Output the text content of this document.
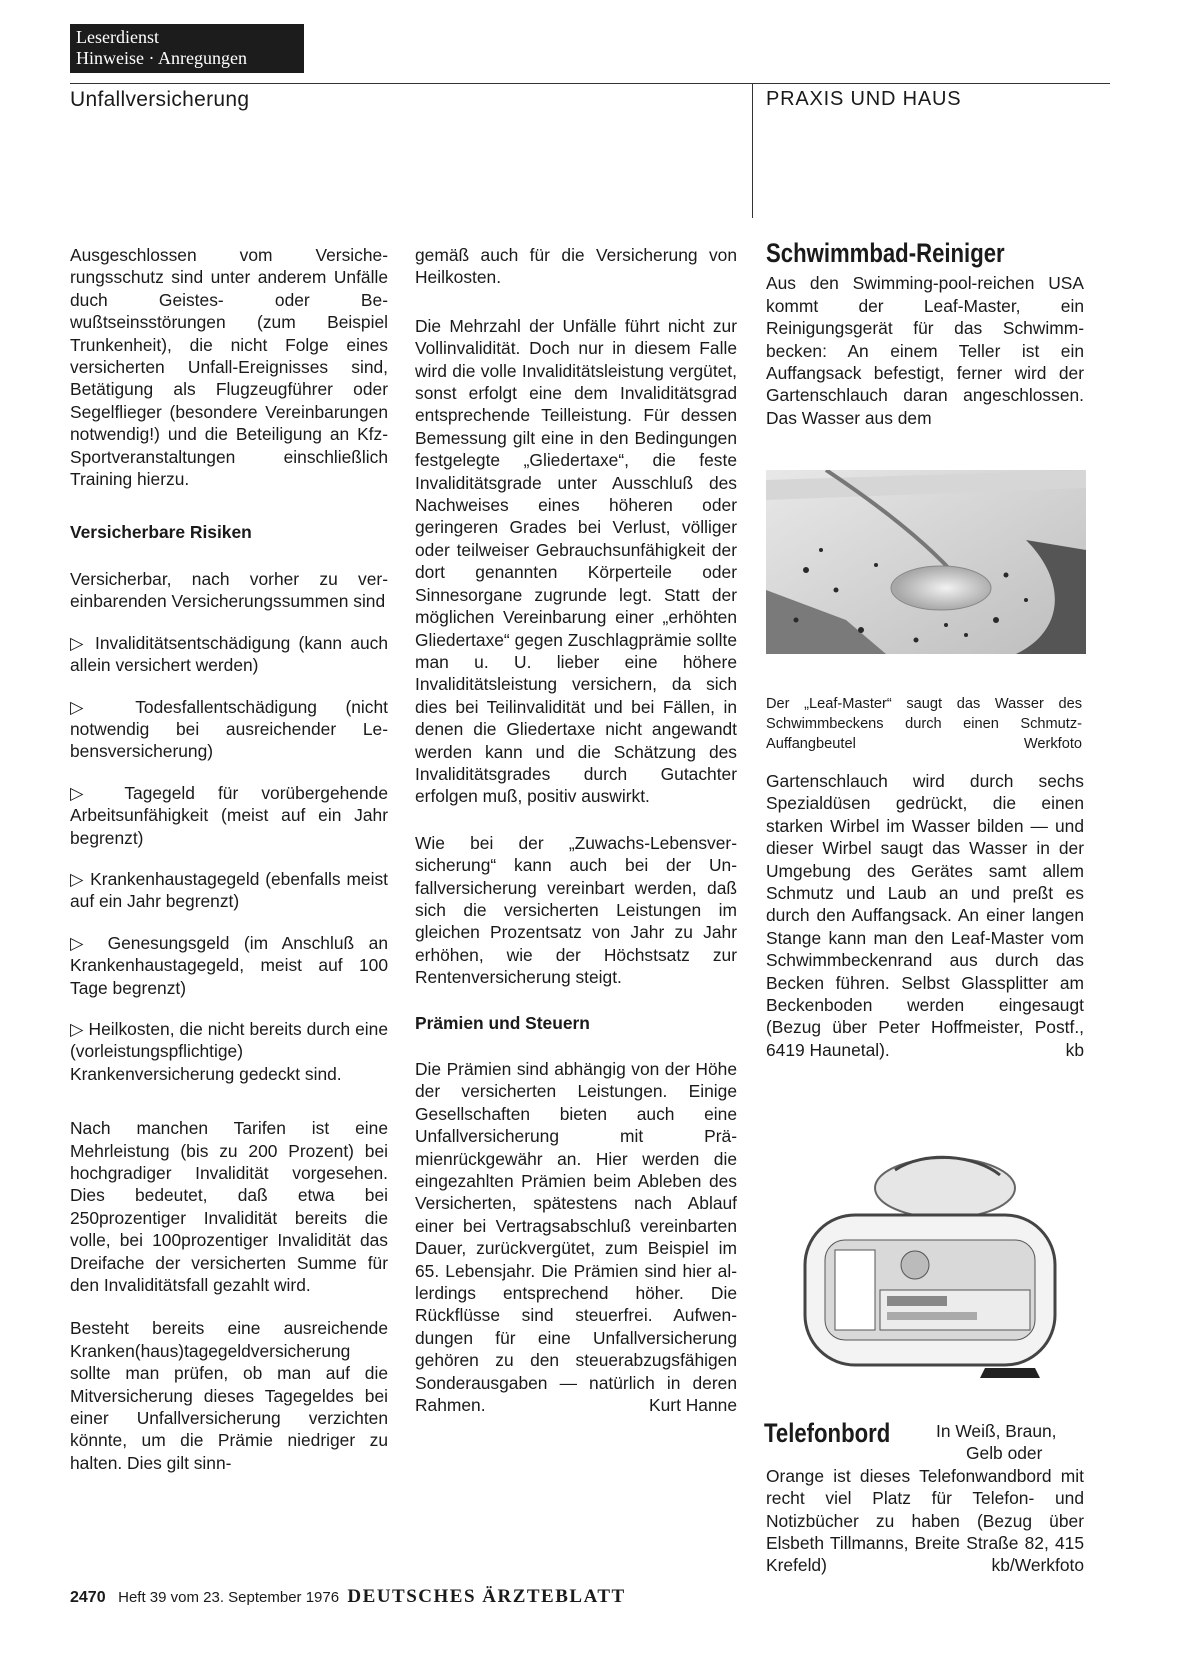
Leserdienst
Hinweise · Anregungen
Unfallversicherung	PRAXIS UND HAUS

Ausgeschlossen vom Versicherungsschutz sind unter anderem Unfälle duch Geistes- oder Bewußtseinsstörungen (zum Beispiel Trunkenheit), die nicht Folge eines versicherten Unfall-Ereignisses sind, Betätigung als Flugzeugführer oder Segelflieger (besondere Vereinbarungen notwendig!) und die Beteiligung an Kfz-Sportveranstaltungen einschließlich Training hierzu.

Versicherbare Risiken

Versicherbar, nach vorher zu vereinbarenden Versicherungssummen sind

▷ Invaliditätsentschädigung (kann auch allein versichert werden)

▷ Todesfallentschädigung (nicht notwendig bei ausreichender Lebensversicherung)

▷ Tagegeld für vorübergehende Arbeitsunfähigkeit (meist auf ein Jahr begrenzt)

▷ Krankenhaustagegeld (ebenfalls meist auf ein Jahr begrenzt)

▷ Genesungsgeld (im Anschluß an Krankenhaustagegeld, meist auf 100 Tage begrenzt)

▷ Heilkosten, die nicht bereits durch eine (vorleistungspflichtige) Krankenversicherung gedeckt sind.

Nach manchen Tarifen ist eine Mehrleistung (bis zu 200 Prozent) bei hochgradiger Invalidität vorgesehen. Dies bedeutet, daß etwa bei 250prozentiger Invalidität bereits die volle, bei 100prozentiger Invalidität das Dreifache der versicherten Summe für den Invaliditätsfall gezahlt wird.

Besteht bereits eine ausreichende Kranken(haus)tagegeldversicherung sollte man prüfen, ob man auf die Mitversicherung dieses Tagegeldes bei einer Unfallversicherung verzichten könnte, um die Prämie niedriger zu halten. Dies gilt sinn-

gemäß auch für die Versicherung von Heilkosten.

Die Mehrzahl der Unfälle führt nicht zur Vollinvalidität. Doch nur in diesem Falle wird die volle Invaliditätsleistung vergütet, sonst erfolgt eine dem Invaliditätsgrad entsprechende Teilleistung. Für dessen Bemessung gilt eine in den Bedingungen festgelegte „Gliedertаxe“, die feste Invaliditätsgrade unter Ausschluß des Nachweises eines höheren oder geringeren Grades bei Verlust, völliger oder teilweiser Gebrauchsunfähigkeit der dort genannten Körperteile oder Sinnesorgane zugrunde legt. Statt der möglichen Vereinbarung einer „erhöhten Gliedertaxe“ gegen Zuschlagprämie sollte man u. U. lieber eine höhere Invaliditätsleistung versichern, da sich dies bei Teilinvalidität und bei Fällen, in denen die Gliedertaxe nicht angewandt werden kann und die Schätzung des Invaliditätsgrades durch Gutachter erfolgen muß, positiv auswirkt.

Wie bei der „Zuwachs-Lebensversicherung“ kann auch bei der Unfallversicherung vereinbart werden, daß sich die versicherten Leistungen im gleichen Prozentsatz von Jahr zu Jahr erhöhen, wie der Höchstsatz zur Rentenversicherung steigt.

Prämien und Steuern

Die Prämien sind abhängig von der Höhe der versicherten Leistungen. Einige Gesellschaften bieten auch eine Unfallversicherung mit Prämienrückgewähr an. Hier werden die eingezahlten Prämien beim Ableben des Versicherten, spätestens nach Ablauf einer bei Vertragsabschluß vereinbarten Dauer, zurückvergütet, zum Beispiel im 65. Lebensjahr. Die Prämien sind hier allerdings entsprechend höher. Die Rückflüsse sind steuerfrei. Aufwendungen für eine Unfallversicherung gehören zu den steuerabzugsfähigen Sonderausgaben — natürlich in deren Rahmen.	Kurt Hanne

Schwimmbad-Reiniger

Aus den Swimming-pool-reichen USA kommt der Leaf-Master, ein Reinigungsgerät für das Schwimmbecken: An einem Teller ist ein Auffangsack befestigt, ferner wird der Gartenschlauch daran angeschlossen. Das Wasser aus dem

Der „Leaf-Master“ saugt das Wasser des Schwimmbeckens durch einen Schmutz-Auffangbeutel	Werkfoto

Gartenschlauch wird durch sechs Spezialdüsen gedrückt, die einen starken Wirbel im Wasser bilden — und dieser Wirbel saugt das Wasser in der Umgebung des Gerätes samt allem Schmutz und Laub an und preßt es durch den Auffangsack. An einer langen Stange kann man den Leaf-Master vom Schwimmbeckenrand aus durch das Becken führen. Selbst Glassplitter am Beckenboden werden eingesaugt (Bezug über Peter Hoffmeister, Postf., 6419 Haunetal).	kb

Telefonbord	In Weiß, Braun,
Gelb oder
Orange ist dieses Telefonwandbord mit recht viel Platz für Telefon- und Notizbücher zu haben (Bezug über Elsbeth Tillmanns, Breite Straße 82, 415 Krefeld)	kb/Werkfoto
2470 Heft 39 vom 23. September 1976 DEUTSCHES ÄRZTEBLATT
